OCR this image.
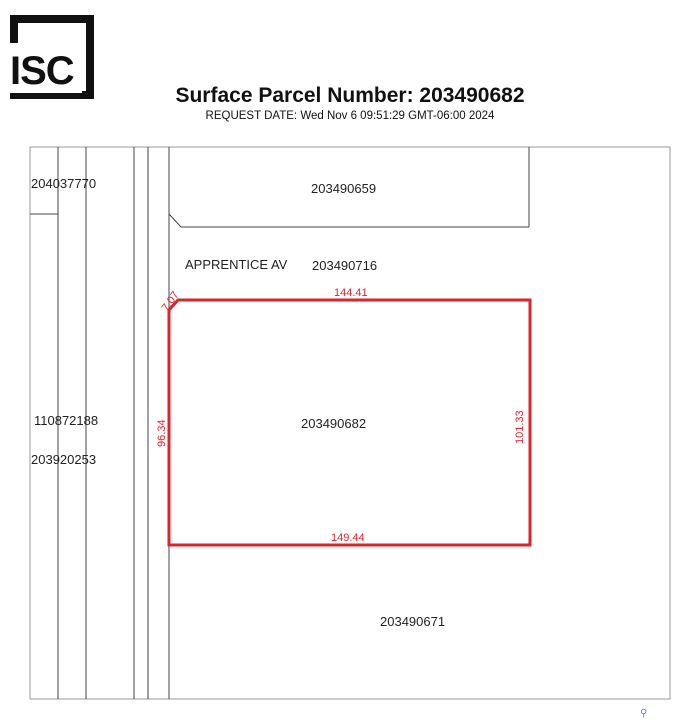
ISC
Surface Parcel Number: 203490682
REQUEST DATE: Wed Nov 6 09:51:29 GMT-06:00 2024
204037770	203490659
APPRENTICE AV 203490716
203490682
110872188
203920253
203490671
7.07	144.41
96.34	101.33
149.44
⚲
